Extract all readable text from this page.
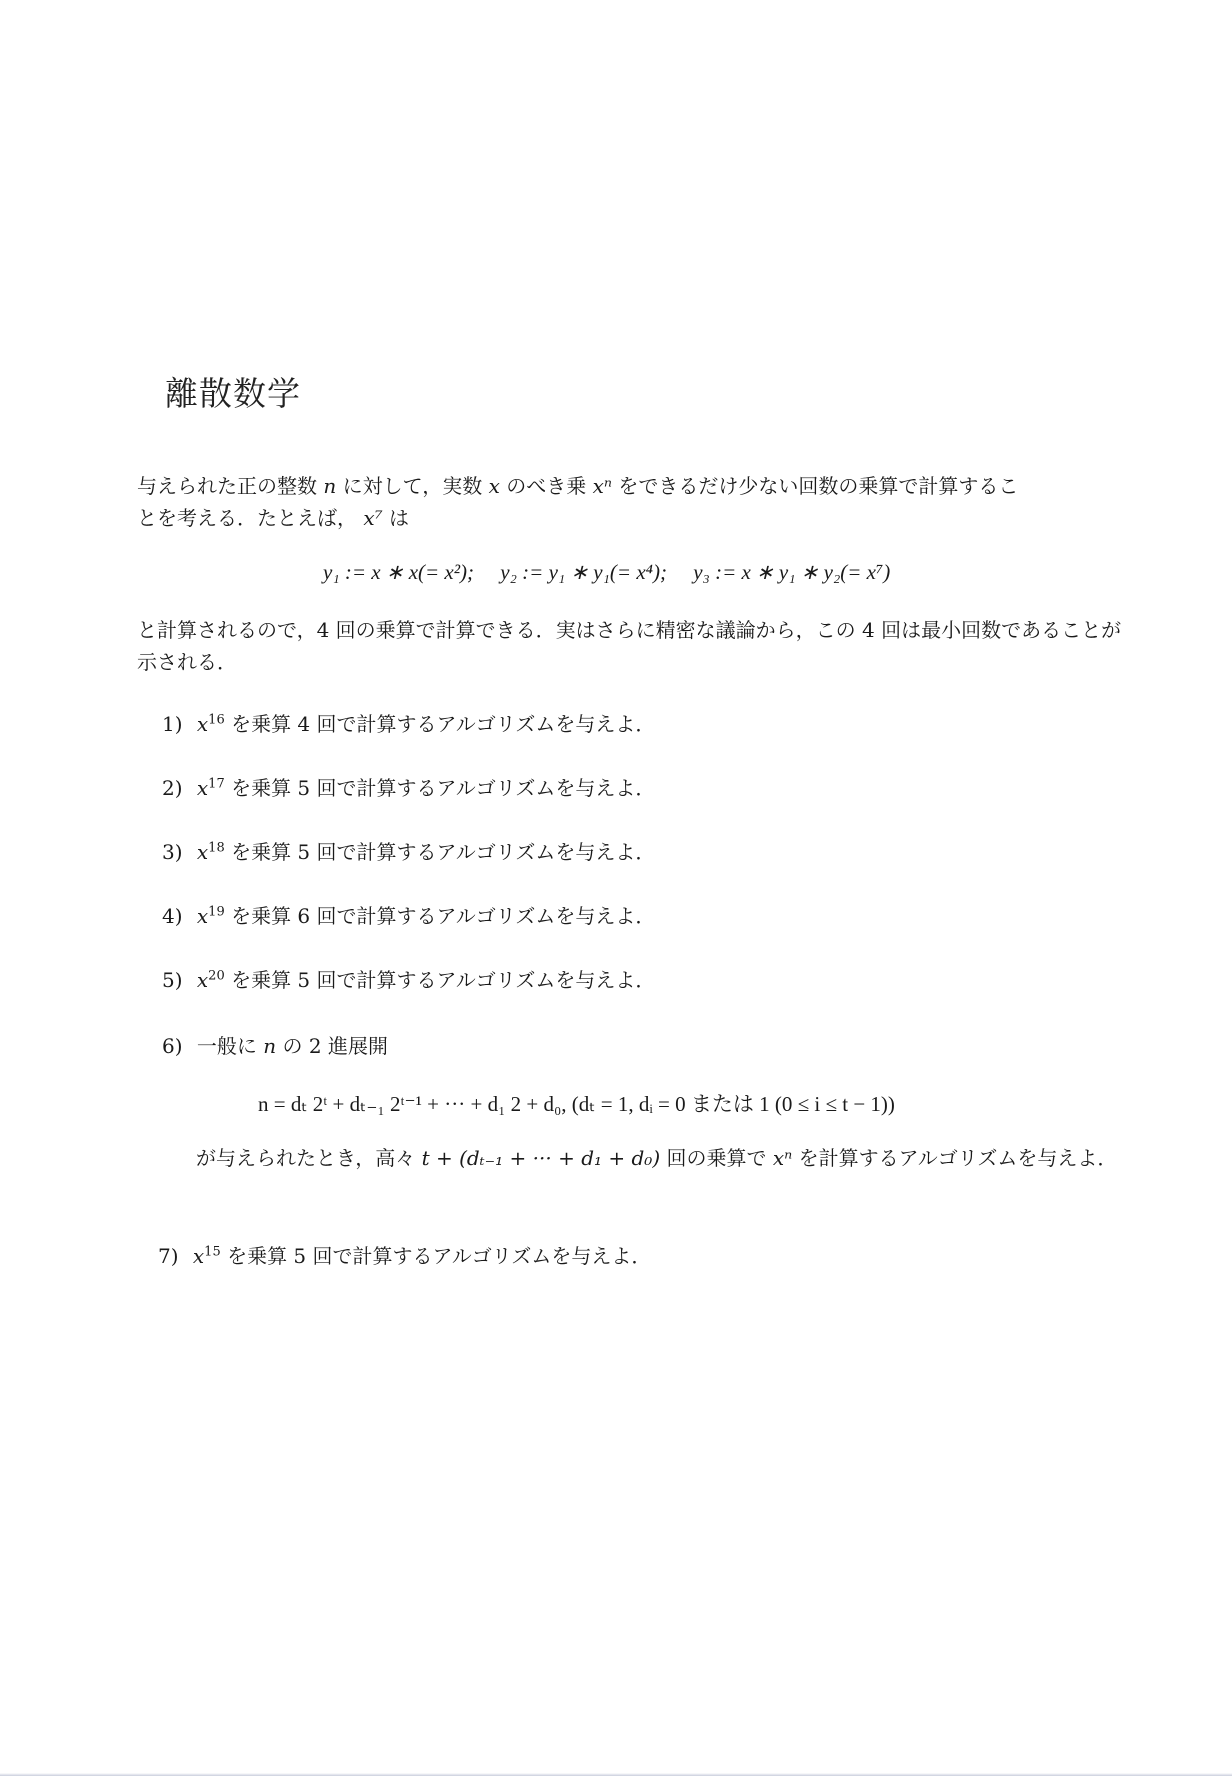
離散数学
与えられた正の整数 n に対して，実数 x のべき乗 xⁿ をできるだけ少ない回数の乗算で計算するこ
とを考える．たとえば， x⁷ は
y₁ := x ∗ x(= x²); y₂ := y₁ ∗ y₁(= x⁴); y₃ := x ∗ y₁ ∗ y₂(= x⁷)
と計算されるので，4 回の乗算で計算できる．実はさらに精密な議論から，この 4 回は最小回数であることが示される．
1) $x^{16}$ を乗算 4 回で計算するアルゴリズムを与えよ．
2) $x^{17}$ を乗算 5 回で計算するアルゴリズムを与えよ．
3) $x^{18}$ を乗算 5 回で計算するアルゴリズムを与えよ．
4) $x^{19}$ を乗算 6 回で計算するアルゴリズムを与えよ．
5) $x^{20}$ を乗算 5 回で計算するアルゴリズムを与えよ．
6) 一般に n の 2 進展開
n = dₜ 2ᵗ + dₜ₋₁ 2ᵗ⁻¹ + ··· + d₁ 2 + d₀, (dₜ = 1, dᵢ = 0 または 1 (0 ≤ i ≤ t − 1))
が与えられたとき，高々 t + (dₜ₋₁ + ··· + d₁ + d₀) 回の乗算で xⁿ を計算するアルゴリズムを与えよ．
7) $x^{15}$ を乗算 5 回で計算するアルゴリズムを与えよ．
